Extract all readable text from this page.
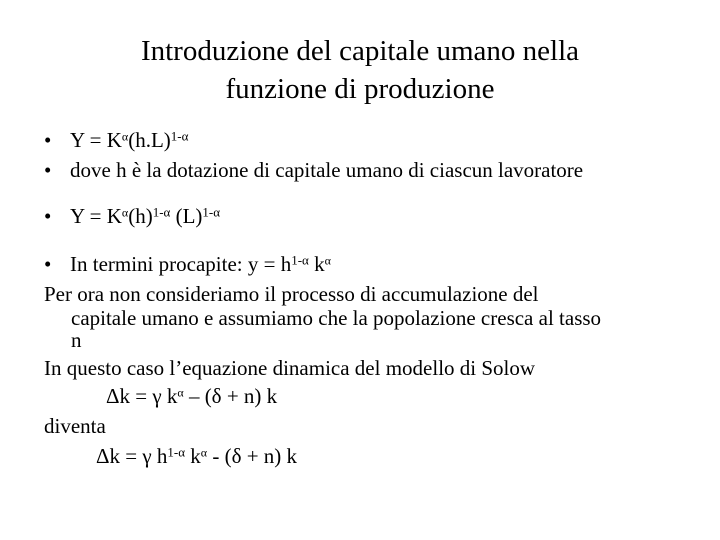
Introduzione del capitale umano nella
funzione di produzione
• $Y = K^\alpha(h.L)^{1-\alpha}$
• dove h è la dotazione di capitale umano di ciascun lavoratore
• $Y = K^\alpha(h)^{1-\alpha}$ $(L)^{1-\alpha}$
• In termini procapite: $y = h^{1-\alpha}$ $k^\alpha$
Per ora non consideriamo il processo di accumulazione del
capitale umano e assumiamo che la popolazione cresca al tasso
n
In questo caso l’equazione dinamica del modello di Solow
Δk = γ $k^\alpha - (\delta + n)$ k
diventa
Δk = γ $h^{1-\alpha}$ $k^\alpha - (\delta + n)$ k
